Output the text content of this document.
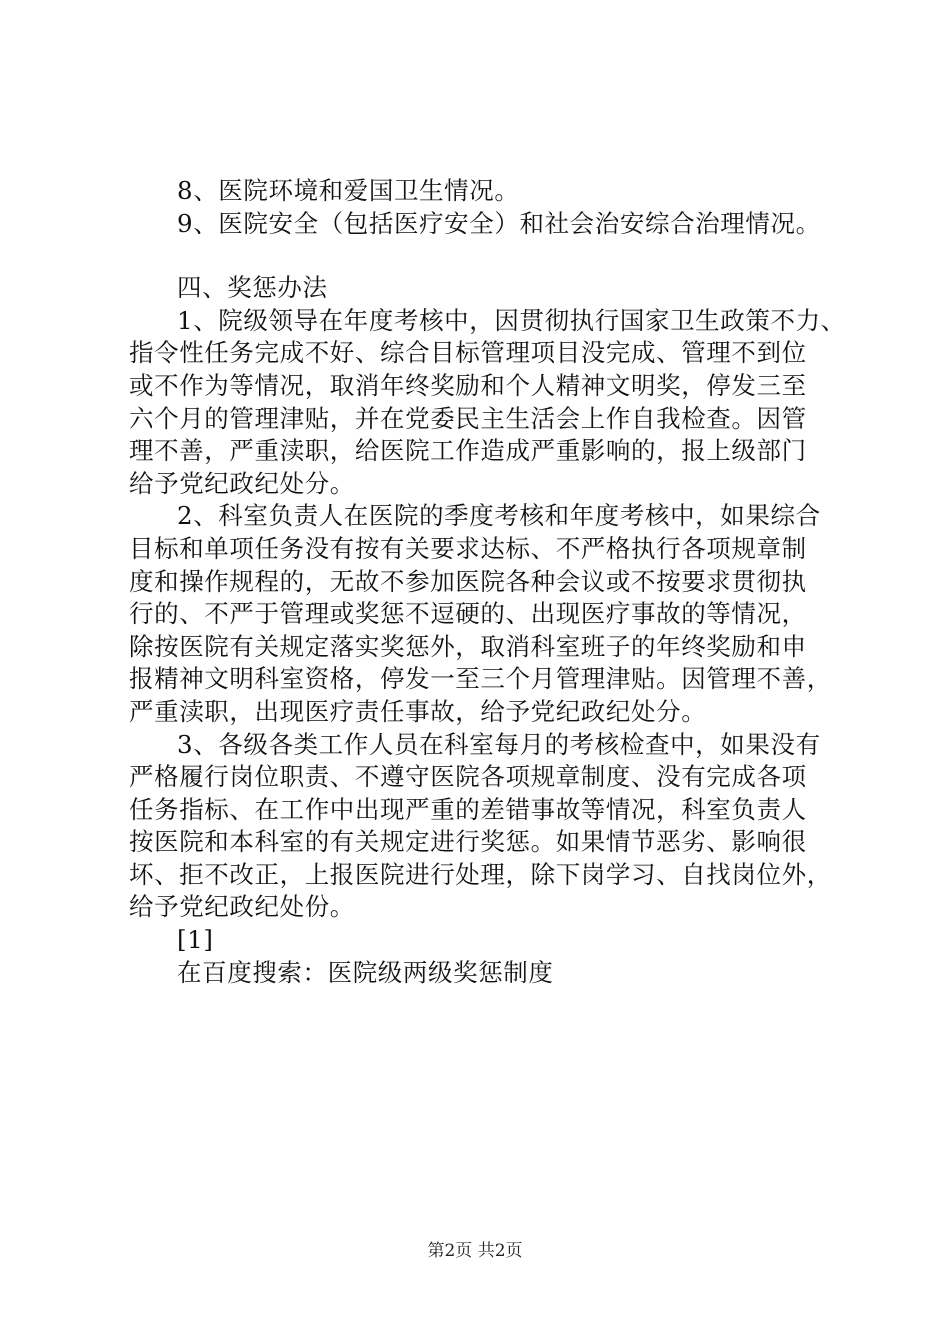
8、医院环境和爱国卫生情况。
9、医院安全（包括医疗安全）和社会治安综合治理情况。
四、奖惩办法
1、院级领导在年度考核中，因贯彻执行国家卫生政策不力、
指令性任务完成不好、综合目标管理项目没完成、管理不到位
或不作为等情况，取消年终奖励和个人精神文明奖，停发三至
六个月的管理津贴，并在党委民主生活会上作自我检查。因管
理不善，严重渎职，给医院工作造成严重影响的，报上级部门
给予党纪政纪处分。
2、科室负责人在医院的季度考核和年度考核中，如果综合
目标和单项任务没有按有关要求达标、不严格执行各项规章制
度和操作规程的，无故不参加医院各种会议或不按要求贯彻执
行的、不严于管理或奖惩不逗硬的、出现医疗事故的等情况，
除按医院有关规定落实奖惩外，取消科室班子的年终奖励和申
报精神文明科室资格，停发一至三个月管理津贴。因管理不善，
严重渎职，出现医疗责任事故，给予党纪政纪处分。
3、各级各类工作人员在科室每月的考核检查中，如果没有
严格履行岗位职责、不遵守医院各项规章制度、没有完成各项
任务指标、在工作中出现严重的差错事故等情况，科室负责人
按医院和本科室的有关规定进行奖惩。如果情节恶劣、影响很
坏、拒不改正，上报医院进行处理，除下岗学习、自找岗位外，
给予党纪政纪处份。
[1]
在百度搜索：医院级两级奖惩制度
第2页 共2页
